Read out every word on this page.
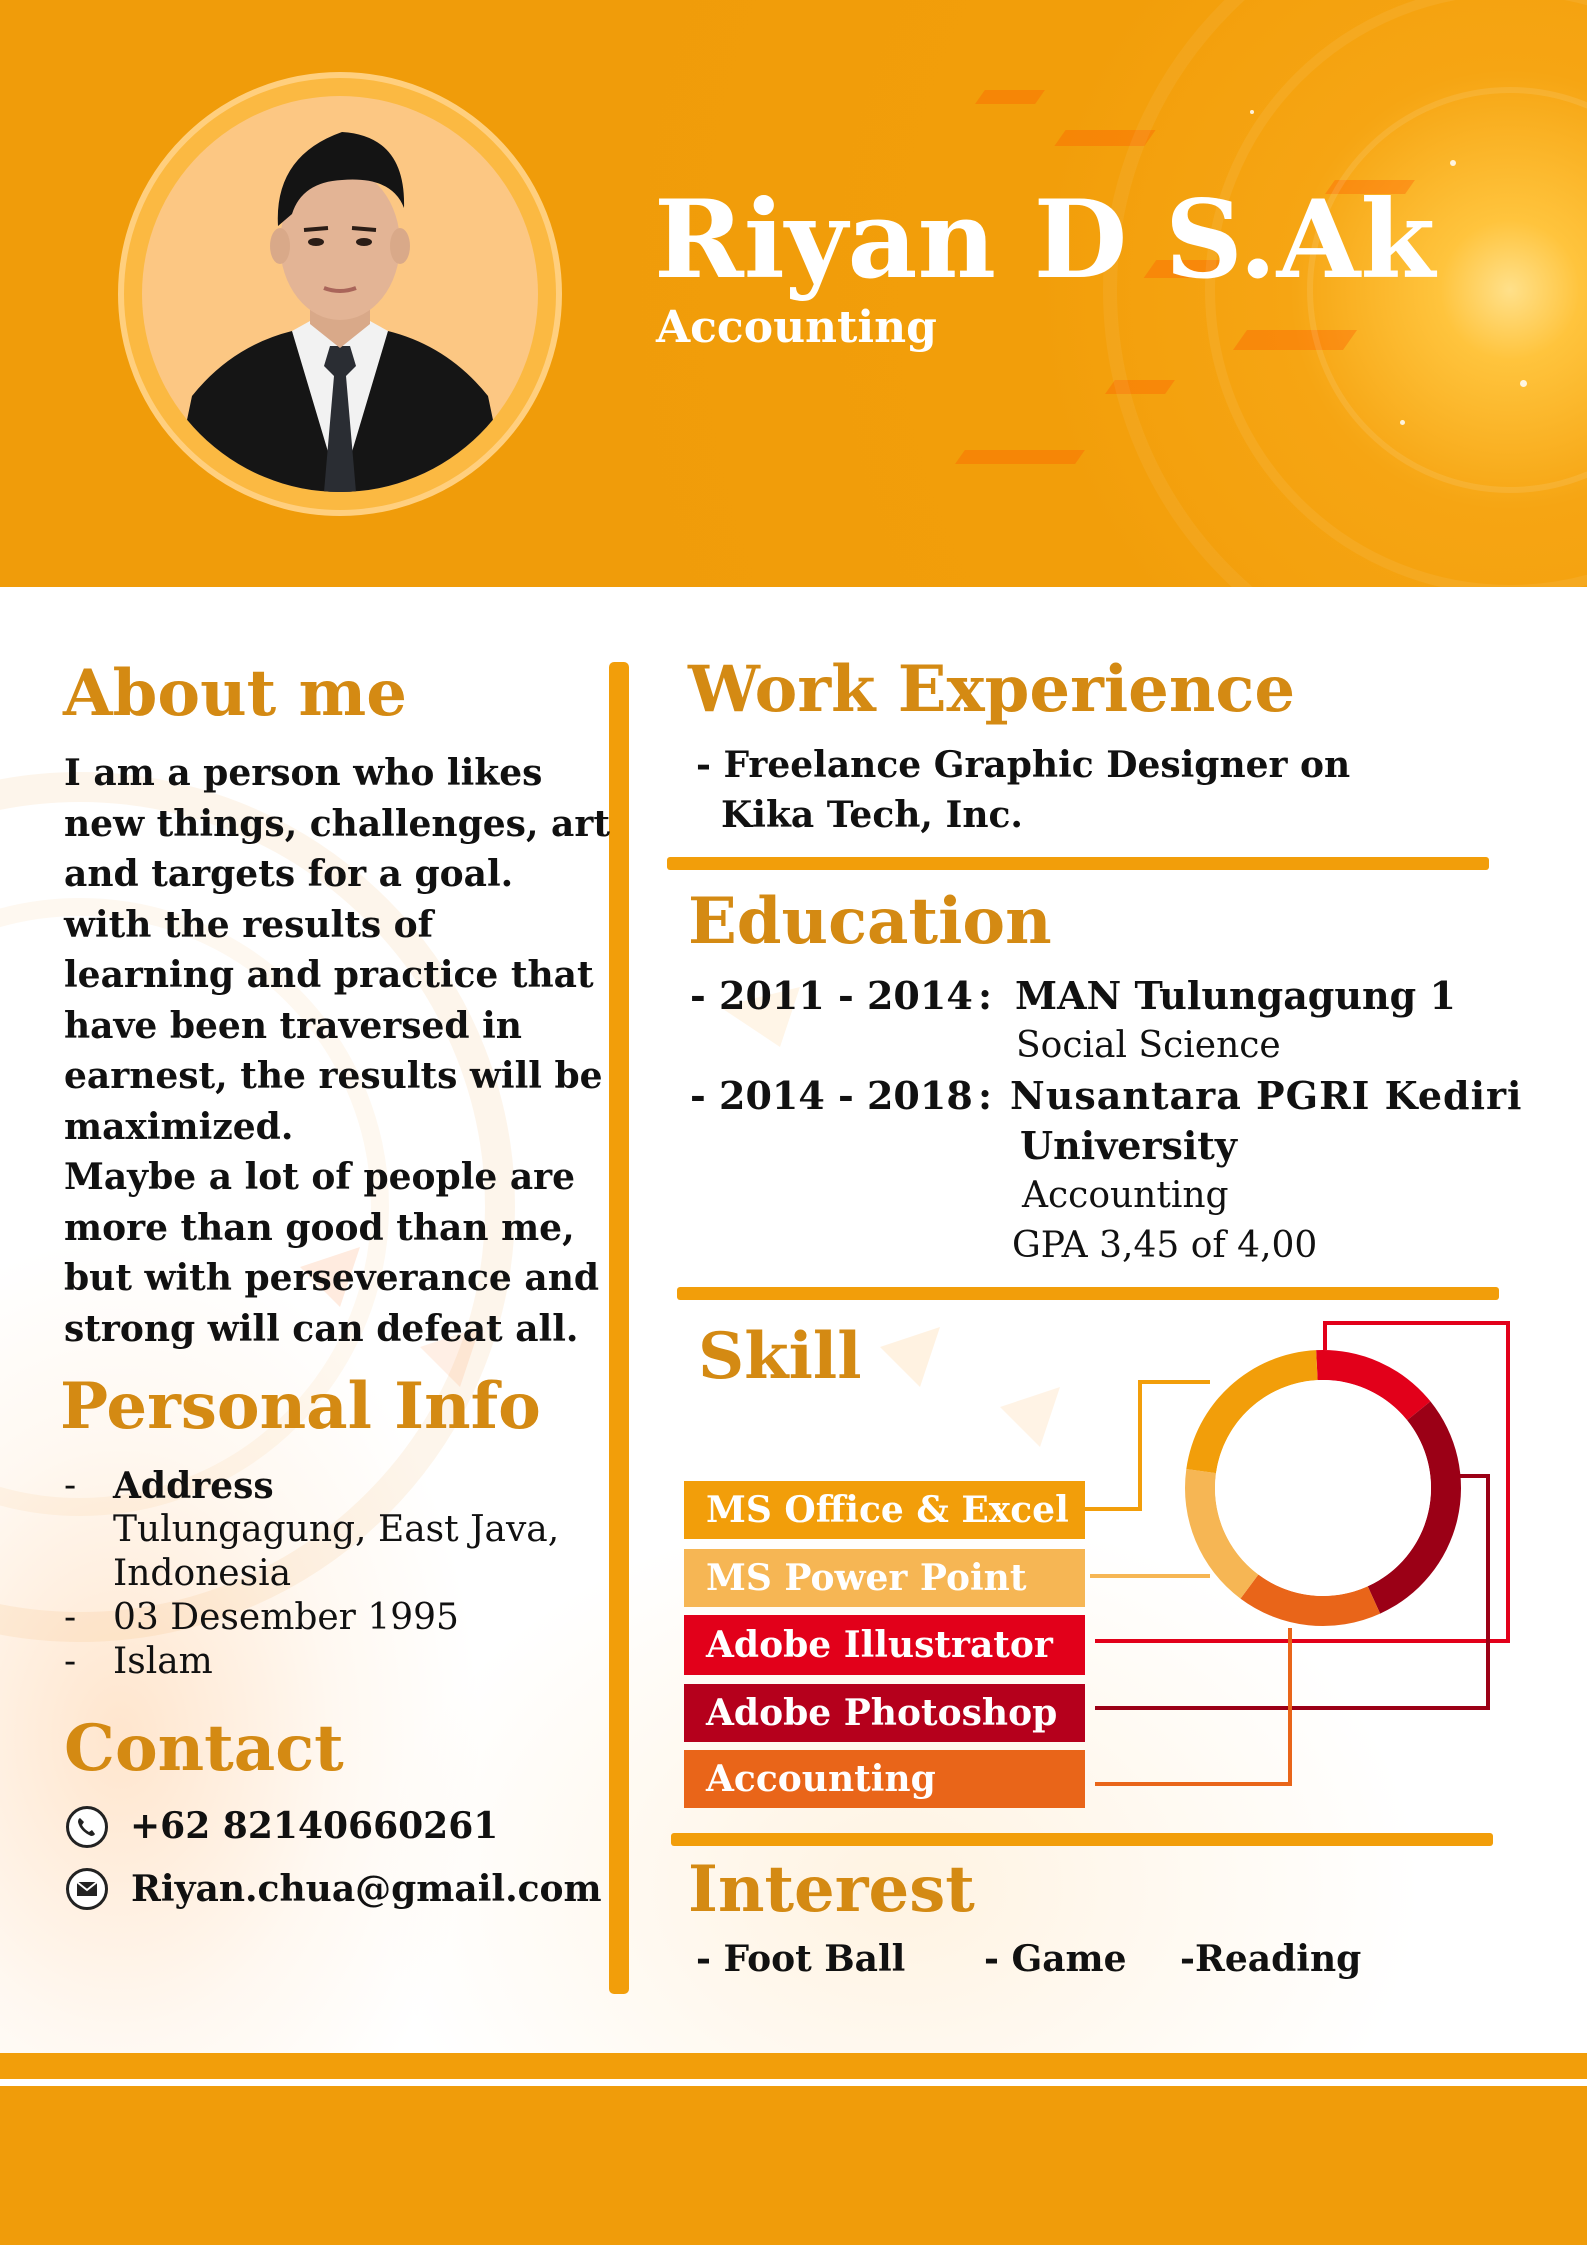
Riyan D S.Ak
Accounting
About me
I am a person who likes
new things, challenges, art
and targets for a goal.
with the results of
learning and practice that
have been traversed in
earnest, the results will be
maximized.
Maybe a lot of people are
more than good than me,
but with perseverance and
strong will can defeat all.
Personal Info
- Address
Tulungagung, East Java,
Indonesia
- 03 Desember 1995
- Islam
Contact
+62 82140660261
Riyan.chua@gmail.com
Work Experience
- Freelance Graphic Designer on
Kika Tech, Inc.
Education
- 2011 - 2014 : MAN Tulungagung 1
Social Science
- 2014 - 2018 : Nusantara PGRI Kediri
University
Accounting
GPA 3,45 of 4,00
Skill
MS Office & Excel
MS Power Point
Adobe Illustrator
Adobe Photoshop
Accounting
Interest
- Foot Ball - Game -Reading
